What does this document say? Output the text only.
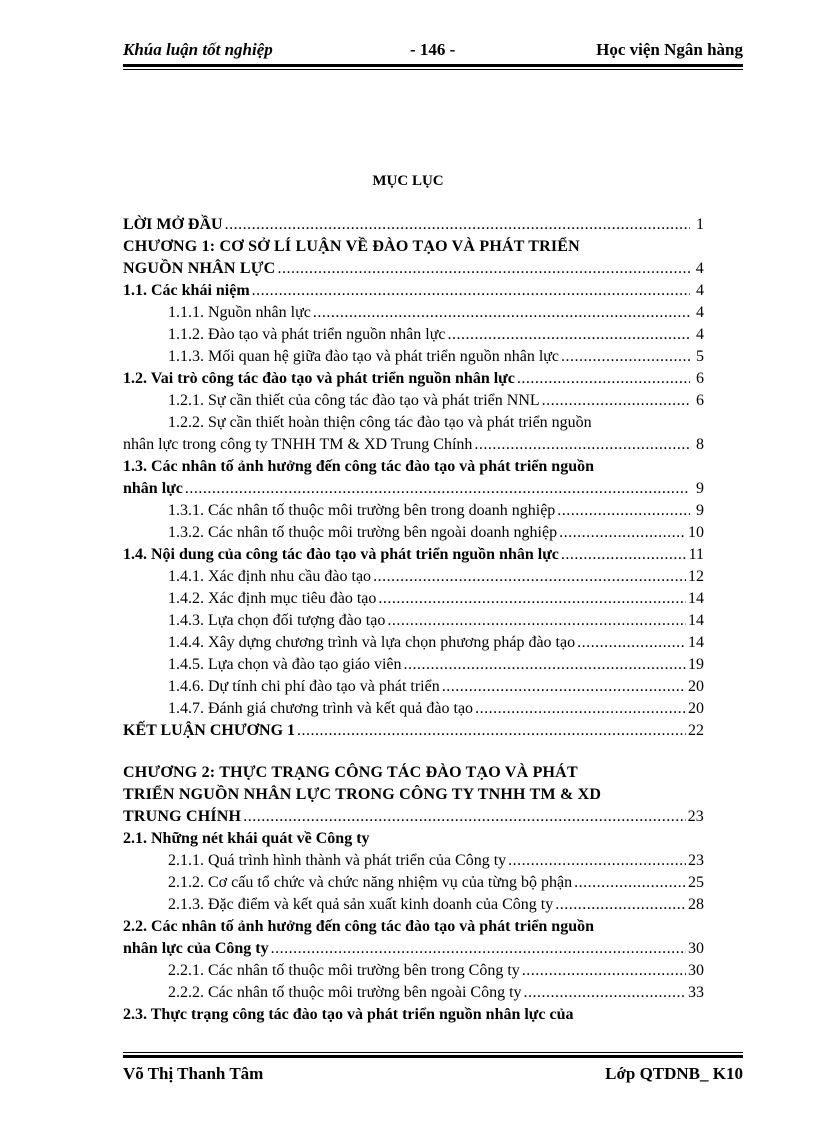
Khúa luận tốt nghiệp	- 146 -	Học viện Ngân hàng
MỤC LỤC
LỜI MỞ ĐẦU .....	1
CHƯƠNG 1: CƠ SỞ LÍ LUẬN VỀ ĐÀO TẠO VÀ PHÁT TRIỂN
NGUỒN NHÂN LỰC .....	4
1.1. Các khái niệm .....	4
1.1.1. Nguồn nhân lực .....	4
1.1.2. Đào tạo và phát triển nguồn nhân lực .....	4
1.1.3. Mối quan hệ giữa đào tạo và phát triển nguồn nhân lực .....	5
1.2. Vai trò công tác đào tạo và phát triển nguồn nhân lực .....	6
1.2.1. Sự cần thiết của công tác đào tạo và phát triển NNL .....	6
1.2.2. Sự cần thiết hoàn thiện công tác đào tạo và phát triển nguồn
nhân lực trong công ty TNHH TM & XD Trung Chính .....	8
1.3. Các nhân tố ảnh hưởng đến công tác đào tạo và phát triển nguồn
nhân lực .....	9
1.3.1. Các nhân tố thuộc môi trường bên trong doanh nghiệp .....	9
1.3.2. Các nhân tố thuộc môi trường bên ngoài doanh nghiệp .....	10
1.4. Nội dung của công tác đào tạo và phát triển nguồn nhân lực .....	11
1.4.1. Xác định nhu cầu đào tạo .....	12
1.4.2. Xác định mục tiêu đào tạo .....	14
1.4.3. Lựa chọn đối tượng đào tạo .....	14
1.4.4. Xây dựng chương trình và lựa chọn phương pháp đào tạo .....	14
1.4.5. Lựa chọn và đào tạo giáo viên .....	19
1.4.6. Dự tính chi phí đào tạo và phát triển .....	20
1.4.7. Đánh giá chương trình và kết quả đào tạo .....	20
KẾT LUẬN CHƯƠNG 1 .....	22
CHƯƠNG 2: THỰC TRẠNG CÔNG TÁC ĐÀO TẠO VÀ PHÁT
TRIỂN NGUỒN NHÂN LỰC TRONG CÔNG TY TNHH TM & XD
TRUNG CHÍNH .....	23
2.1. Những nét khái quát về Công ty
2.1.1. Quá trình hình thành và phát triển của Công ty .....	23
2.1.2. Cơ cấu tổ chức và chức năng nhiệm vụ của từng bộ phận .....	25
2.1.3. Đặc điểm và kết quả sản xuất kinh doanh của Công ty .....	28
2.2. Các nhân tố ảnh hưởng đến công tác đào tạo và phát triển nguồn
nhân lực của Công ty .....	30
2.2.1. Các nhân tố thuộc môi trường bên trong Công ty .....	30
2.2.2. Các nhân tố thuộc môi trường bên ngoài Công ty .....	33
2.3. Thực trạng công tác đào tạo và phát triển nguồn nhân lực của
Võ Thị Thanh Tâm	Lớp QTDNB_ K10
